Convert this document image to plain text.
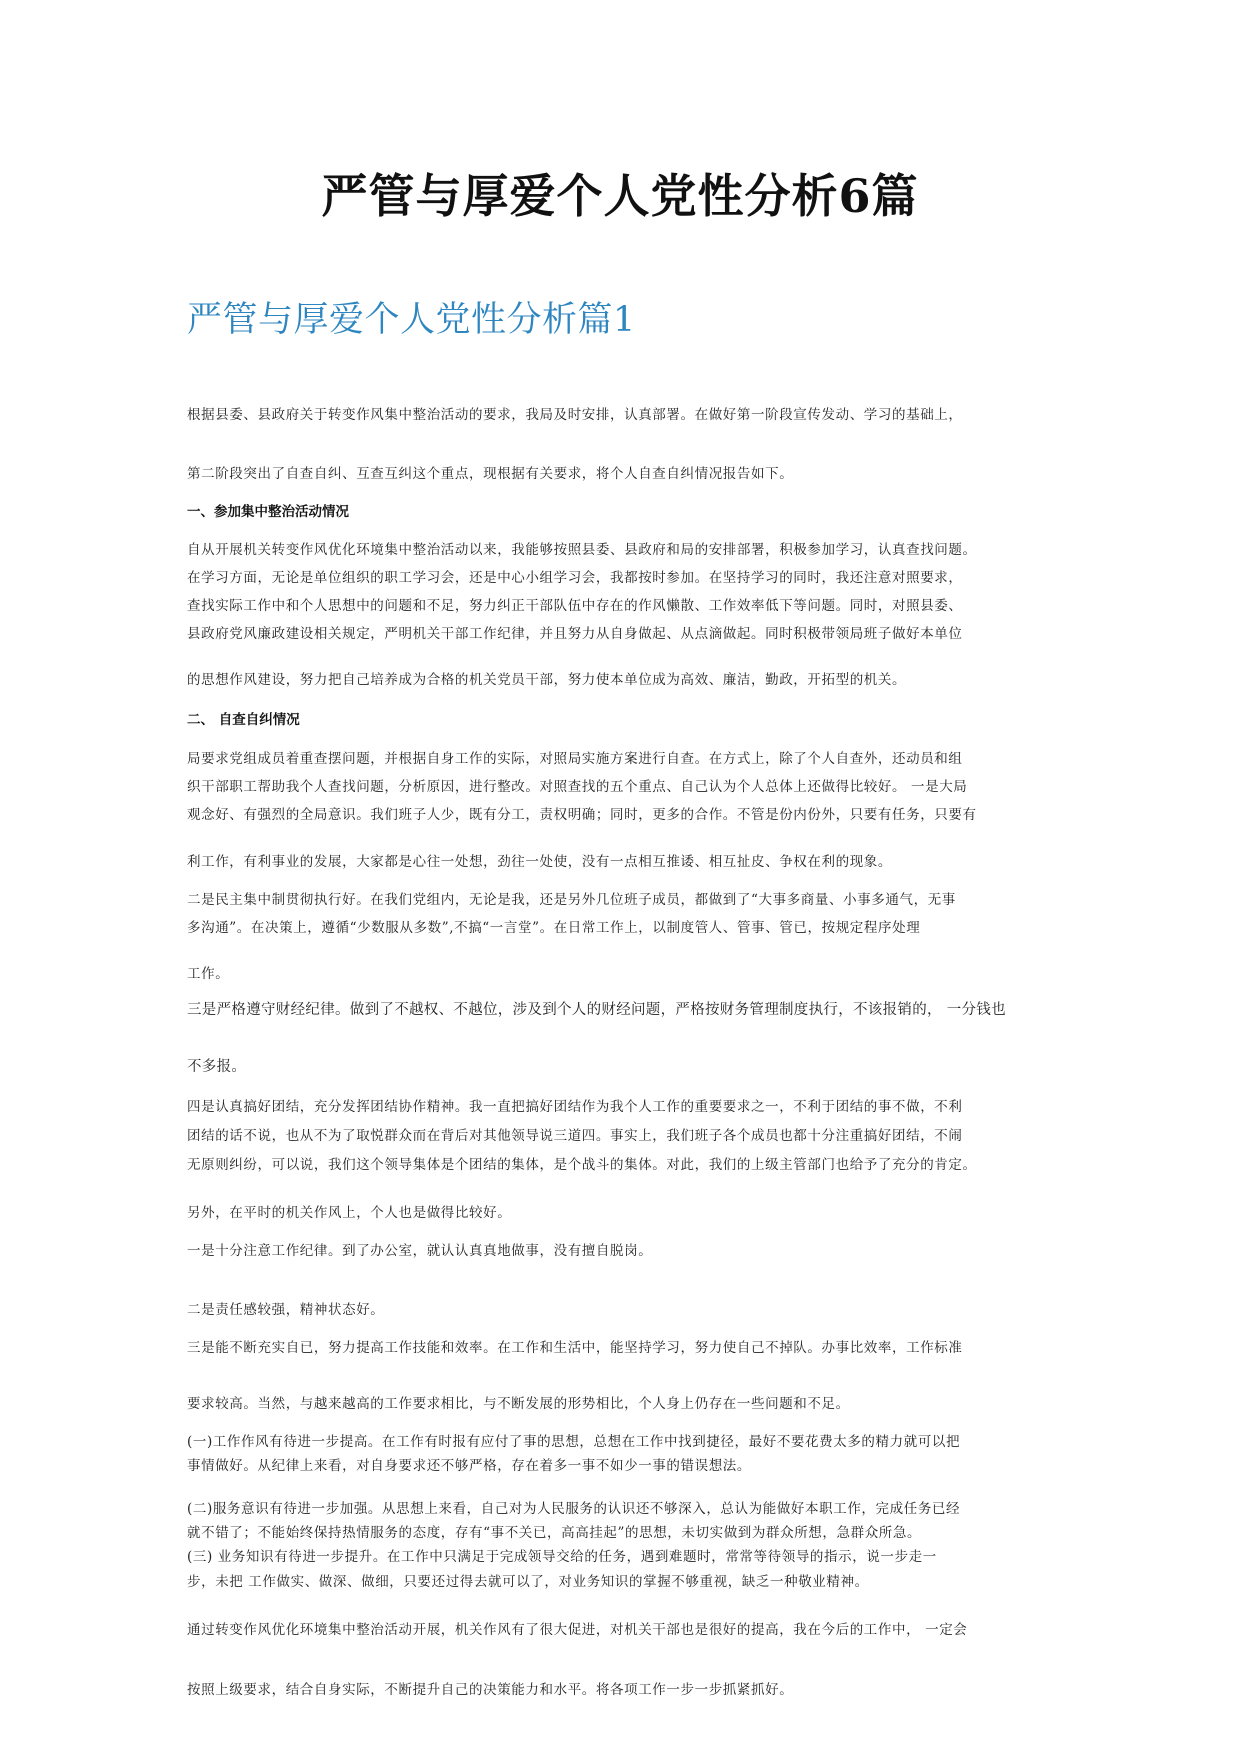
严管与厚爱个人党性分析6篇
严管与厚爱个人党性分析篇1
根据县委、县政府关于转变作风集中整治活动的要求，我局及时安排，认真部署。在做好第一阶段宣传发动、学习的基础上，
第二阶段突出了自查自纠、互查互纠这个重点，现根据有关要求，将个人自查自纠情况报告如下。
一、参加集中整治活动情况
自从开展机关转变作风优化环境集中整治活动以来，我能够按照县委、县政府和局的安排部署，积极参加学习，认真查找问题。
在学习方面，无论是单位组织的职工学习会，还是中心小组学习会，我都按时参加。在坚持学习的同时，我还注意对照要求，
查找实际工作中和个人思想中的问题和不足，努力纠正干部队伍中存在的作风懒散、工作效率低下等问题。同时，对照县委、
县政府党风廉政建设相关规定，严明机关干部工作纪律，并且努力从自身做起、从点滴做起。同时积极带领局班子做好本单位
的思想作风建设，努力把自己培养成为合格的机关党员干部，努力使本单位成为高效、廉洁，勤政，开拓型的机关。
二、 自查自纠情况
局要求党组成员着重查摆问题，并根据自身工作的实际，对照局实施方案进行自查。在方式上，除了个人自查外，还动员和组
织干部职工帮助我个人查找问题，分析原因，进行整改。对照查找的五个重点、自己认为个人总体上还做得比较好。 一是大局
观念好、有强烈的全局意识。我们班子人少，既有分工，责权明确；同时，更多的合作。不管是份内份外，只要有任务，只要有
利工作，有利事业的发展，大家都是心往一处想，劲往一处使，没有一点相互推诿、相互扯皮、争权在利的现象。
二是民主集中制贯彻执行好。在我们党组内，无论是我，还是另外几位班子成员，都做到了“大事多商量、小事多通气，无事
多沟通”。在决策上，遵循“少数服从多数”,不搞“一言堂”。在日常工作上，以制度管人、管事、管已，按规定程序处理
工作。
三是严格遵守财经纪律。做到了不越权、不越位，涉及到个人的财经问题，严格按财务管理制度执行，不该报销的， 一分钱也
不多报。
四是认真搞好团结，充分发挥团结协作精神。我一直把搞好团结作为我个人工作的重要要求之一，不利于团结的事不做，不利
团结的话不说，也从不为了取悦群众而在背后对其他领导说三道四。事实上，我们班子各个成员也都十分注重搞好团结，不闹
无原则纠纷，可以说，我们这个领导集体是个团结的集体，是个战斗的集体。对此，我们的上级主管部门也给予了充分的肯定。
另外，在平时的机关作风上，个人也是做得比较好。
一是十分注意工作纪律。到了办公室，就认认真真地做事，没有擅自脱岗。
二是责任感较强，精神状态好。
三是能不断充实自已，努力提高工作技能和效率。在工作和生活中，能坚持学习，努力使自己不掉队。办事比效率，工作标准
要求较高。当然，与越来越高的工作要求相比，与不断发展的形势相比，个人身上仍存在一些问题和不足。
(一)工作作风有待进一步提高。在工作有时报有应付了事的思想，总想在工作中找到捷径，最好不要花费太多的精力就可以把
事情做好。从纪律上来看，对自身要求还不够严格，存在着多一事不如少一事的错误想法。
(二)服务意识有待进一步加强。从思想上来看，自己对为人民服务的认识还不够深入，总认为能做好本职工作，完成任务已经
就不错了；不能始终保持热情服务的态度，存有“事不关已，高高挂起”的思想，未切实做到为群众所想，急群众所急。
(三) 业务知识有待进一步提升。在工作中只满足于完成领导交给的任务，遇到难题时，常常等待领导的指示，说一步走一
步，未把 工作做实、做深、做细，只要还过得去就可以了，对业务知识的掌握不够重视，缺乏一种敬业精神。
通过转变作风优化环境集中整治活动开展，机关作风有了很大促进，对机关干部也是很好的提高，我在今后的工作中， 一定会
按照上级要求，结合自身实际，不断提升自己的决策能力和水平。将各项工作一步一步抓紧抓好。
